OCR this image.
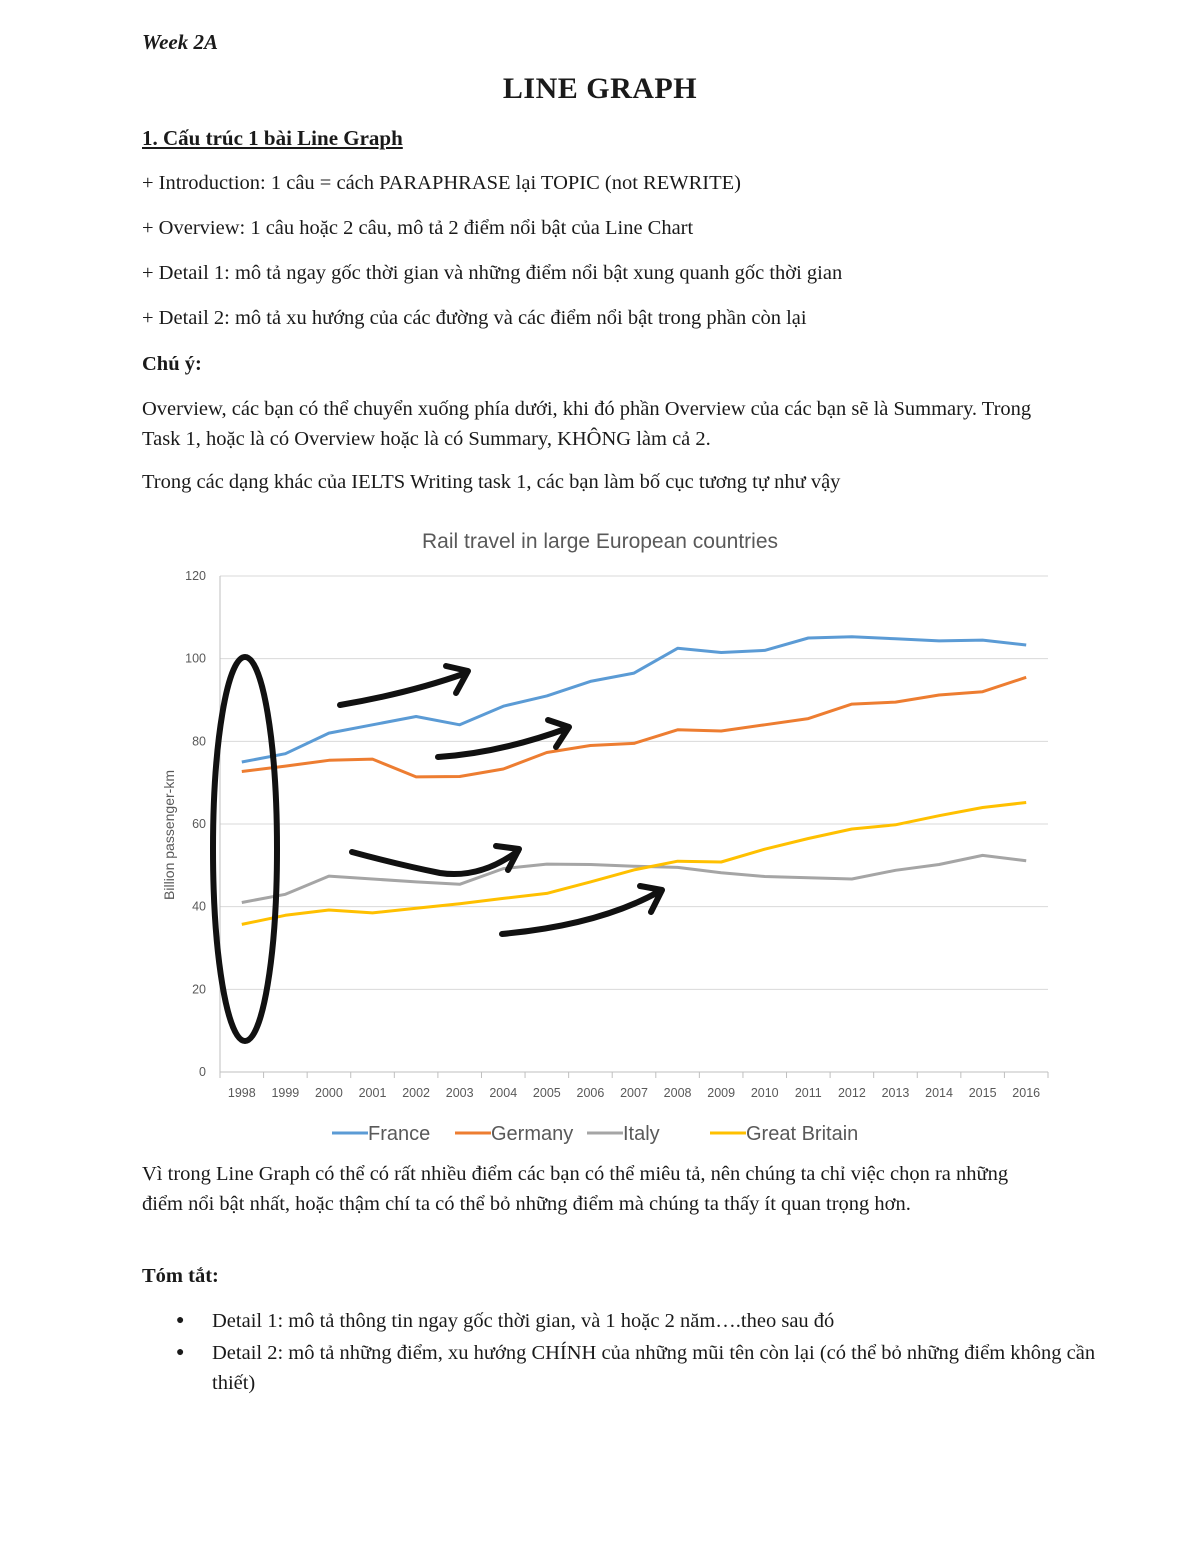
Week 2A
LINE GRAPH
1. Cấu trúc 1 bài Line Graph
+ Introduction: 1 câu = cách PARAPHRASE lại TOPIC (not REWRITE)
+ Overview: 1 câu hoặc 2 câu, mô tả 2 điểm nổi bật của Line Chart
+ Detail 1: mô tả ngay gốc thời gian và những điểm nổi bật xung quanh gốc thời gian
+ Detail 2: mô tả xu hướng của các đường và các điểm nổi bật trong phần còn lại
Chú ý:
Overview, các bạn có thể chuyển xuống phía dưới, khi đó phần Overview của các bạn sẽ là Summary. Trong Task 1, hoặc là có Overview hoặc là có Summary, KHÔNG làm cả 2.
Trong các dạng khác của IELTS Writing task 1, các bạn làm bố cục tương tự như vậy
Rail travel in large European countries
0
20
40
60
80
100
120
1998 1999 2000 2001 2002 2003 2004 2005 2006 2007 2008 2009 2010 2011 2012 2013 2014 2015 2016
Billion passenger-km
France	Germany Italy	Great Britain
Vì trong Line Graph có thể có rất nhiều điểm các bạn có thể miêu tả, nên chúng ta chỉ việc chọn ra những điểm nổi bật nhất, hoặc thậm chí ta có thể bỏ những điểm mà chúng ta thấy ít quan trọng hơn.
Tóm tắt:
● Detail 1: mô tả thông tin ngay gốc thời gian, và 1 hoặc 2 năm….theo sau đó
● Detail 2: mô tả những điểm, xu hướng CHÍNH của những mũi tên còn lại (có thể bỏ những điểm không cần thiết)
